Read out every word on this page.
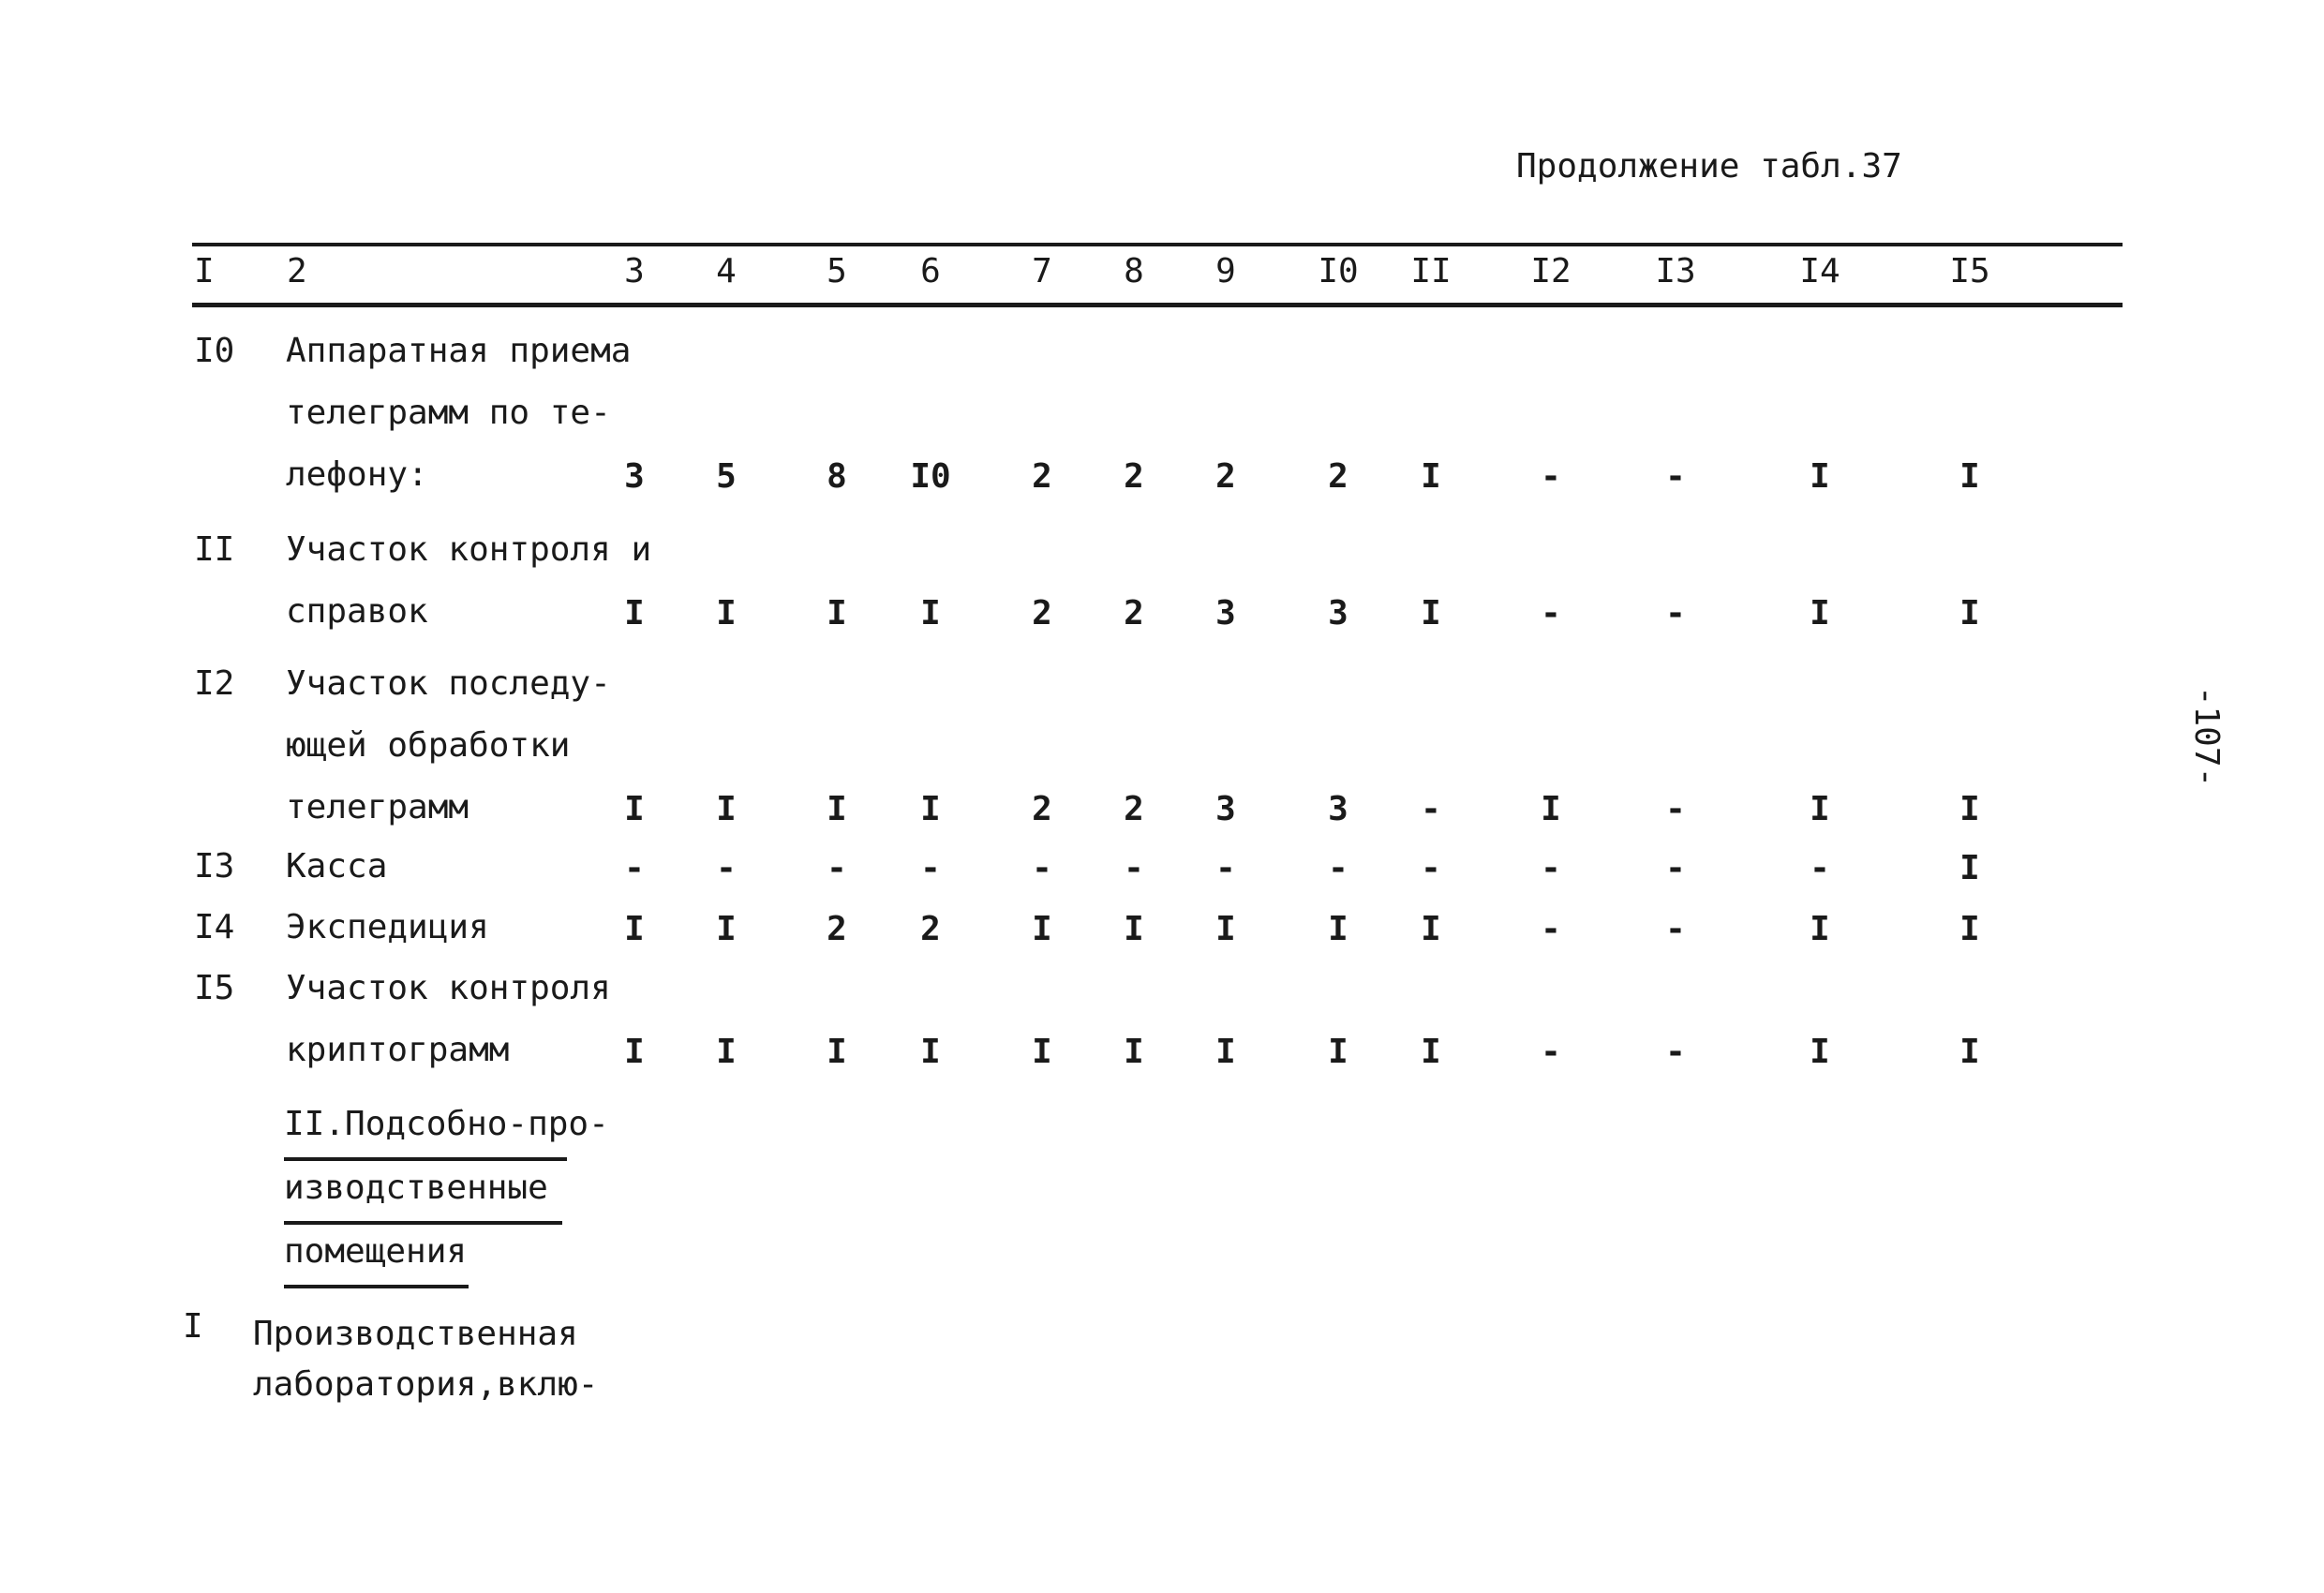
Продолжение табл.37
-107-
I 2	3 4	5 6	7 8 9 I0 II I2 I3	I4	I5
I0 Аппаратная приема
телеграмм по те-
лефону:	3 5	8 I0 2 2 2	2 I	-	-	I	I
II Участок контроля и
справок	I I	I I	2 2 3	3 I	-	-	I	I
I2 Участок последу-
ющей обработки
телеграмм	I I	I I	2 2 3	3 -	I	-	I	I
I3 Касса	- -	- -	- - -	- -	-	-	-	I
I4 Экспедиция	I I	2 2	I I I	I I	-	-	I	I
I5 Участок контроля
криптограмм	I I	I I	I I I	I I	-	-	I	I
II.Подсобно-про-
изводственные
помещения
I Производственная
лаборатория,вклю-
